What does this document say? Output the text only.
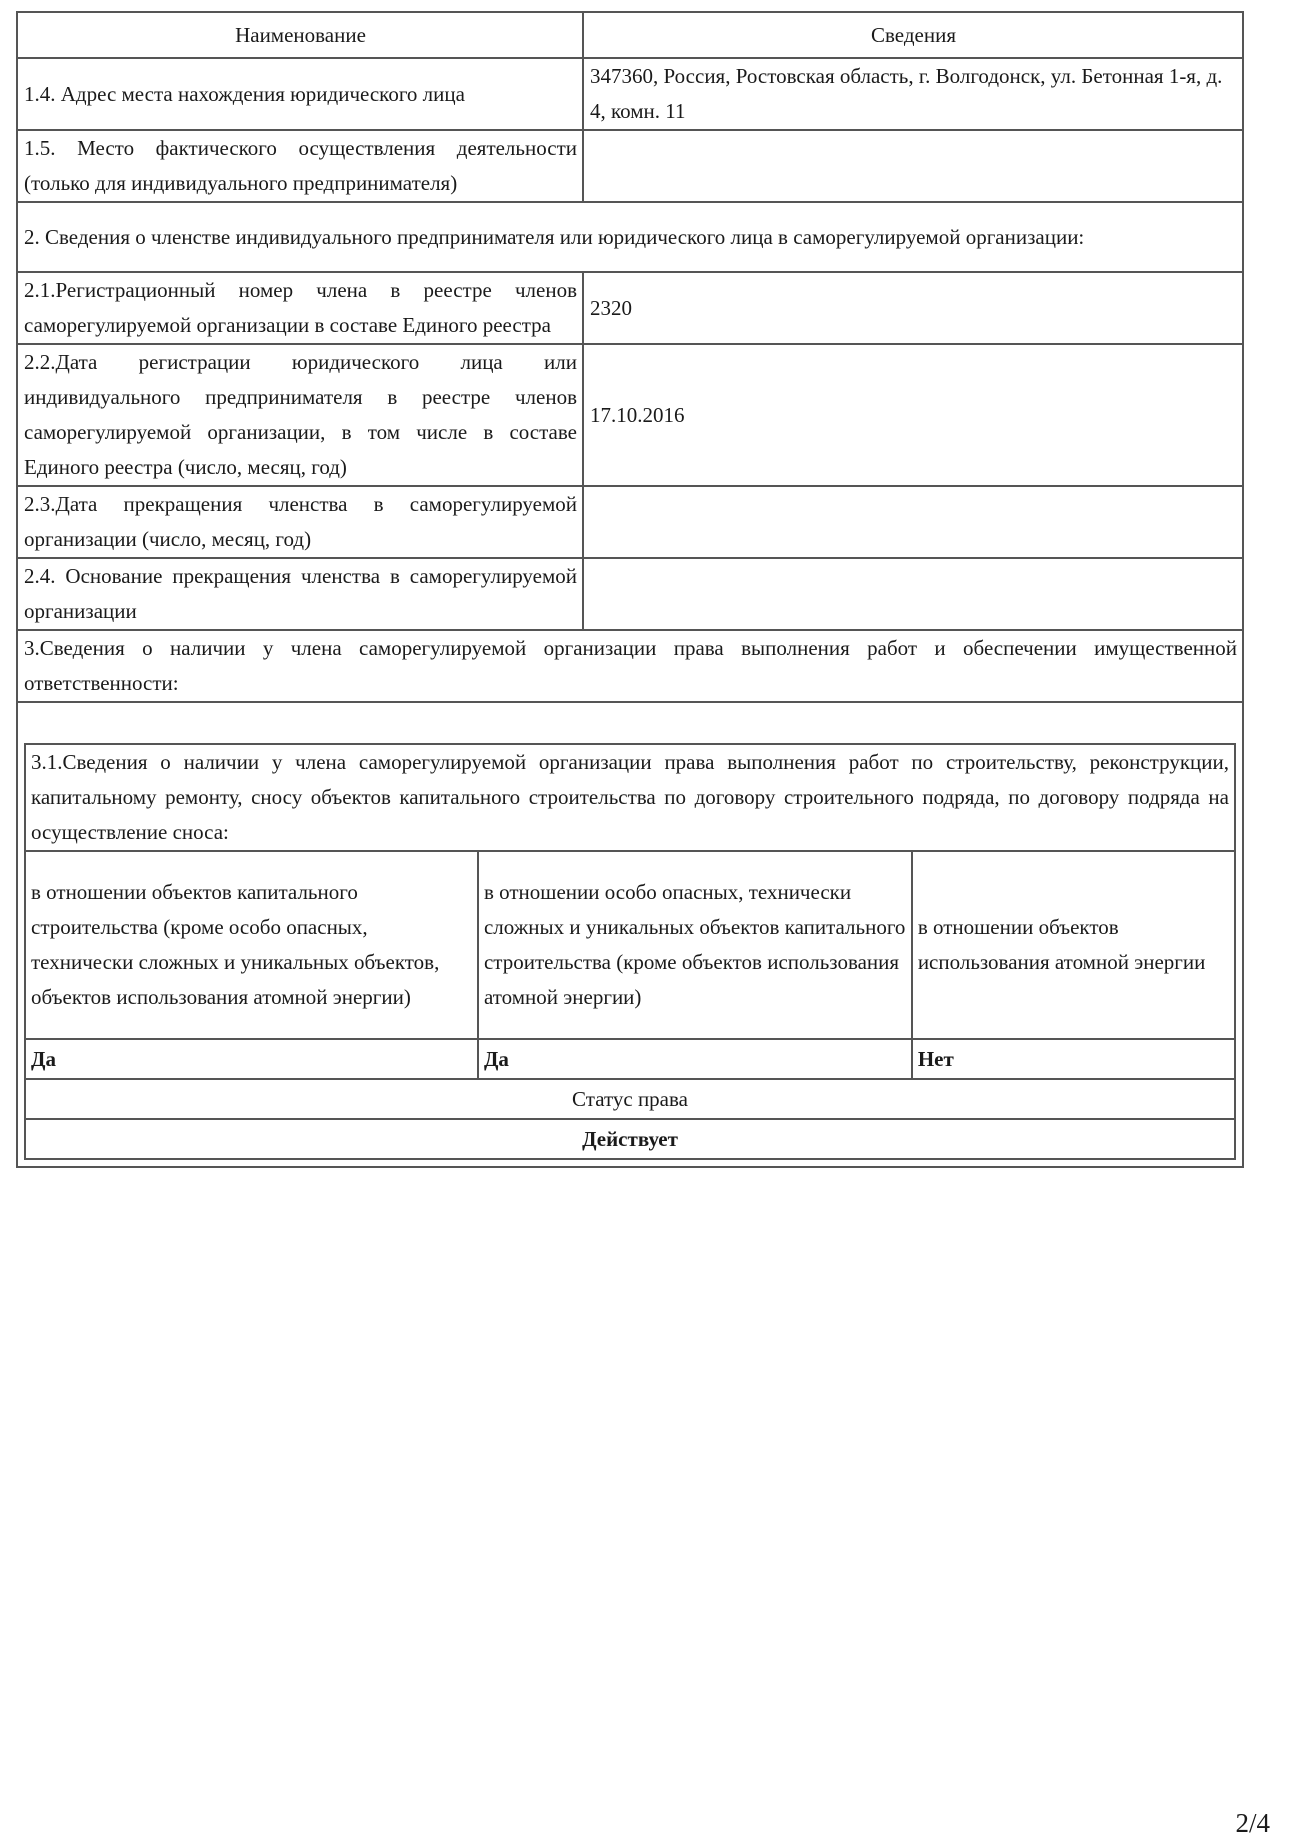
Наименование	Сведения
1.4. Адрес места нахождения юридического лица	347360, Россия, Ростовская область, г. Волгодонск, ул. Бетонная 1-я, д. 4, комн. 11
1.5. Место фактического осуществления деятельности (только для индивидуального предпринимателя)	
2. Сведения о членстве индивидуального предпринимателя или юридического лица в саморегулируемой организации:
2.1.Регистрационный номер члена в реестре членов саморегулируемой организации в составе Единого реестра	2320
2.2.Дата регистрации юридического лица или индивидуального предпринимателя в реестре членов саморегулируемой организации, в том числе в составе Единого реестра (число, месяц, год)	17.10.2016
2.3.Дата прекращения членства в саморегулируемой организации (число, месяц, год)	
2.4. Основание прекращения членства в саморегулируемой организации	
3.Сведения о наличии у члена саморегулируемой организации права выполнения работ и обеспечении имущественной ответственности:

3.1.Сведения о наличии у члена саморегулируемой организации права выполнения работ по строительству, реконструкции, капитальному ремонту, сносу объектов капитального строительства по договору строительного подряда, по договору подряда на осуществление сноса:
в отношении объектов капитального строительства (кроме особо опасных, технически сложных и уникальных объектов, объектов использования атомной энергии)	в отношении особо опасных, технически сложных и уникальных объектов капитального строительства (кроме объектов использования атомной энергии)	в отношении объектов использования атомной энергии
Да	Да	Нет
Статус права
Действует
2/4
